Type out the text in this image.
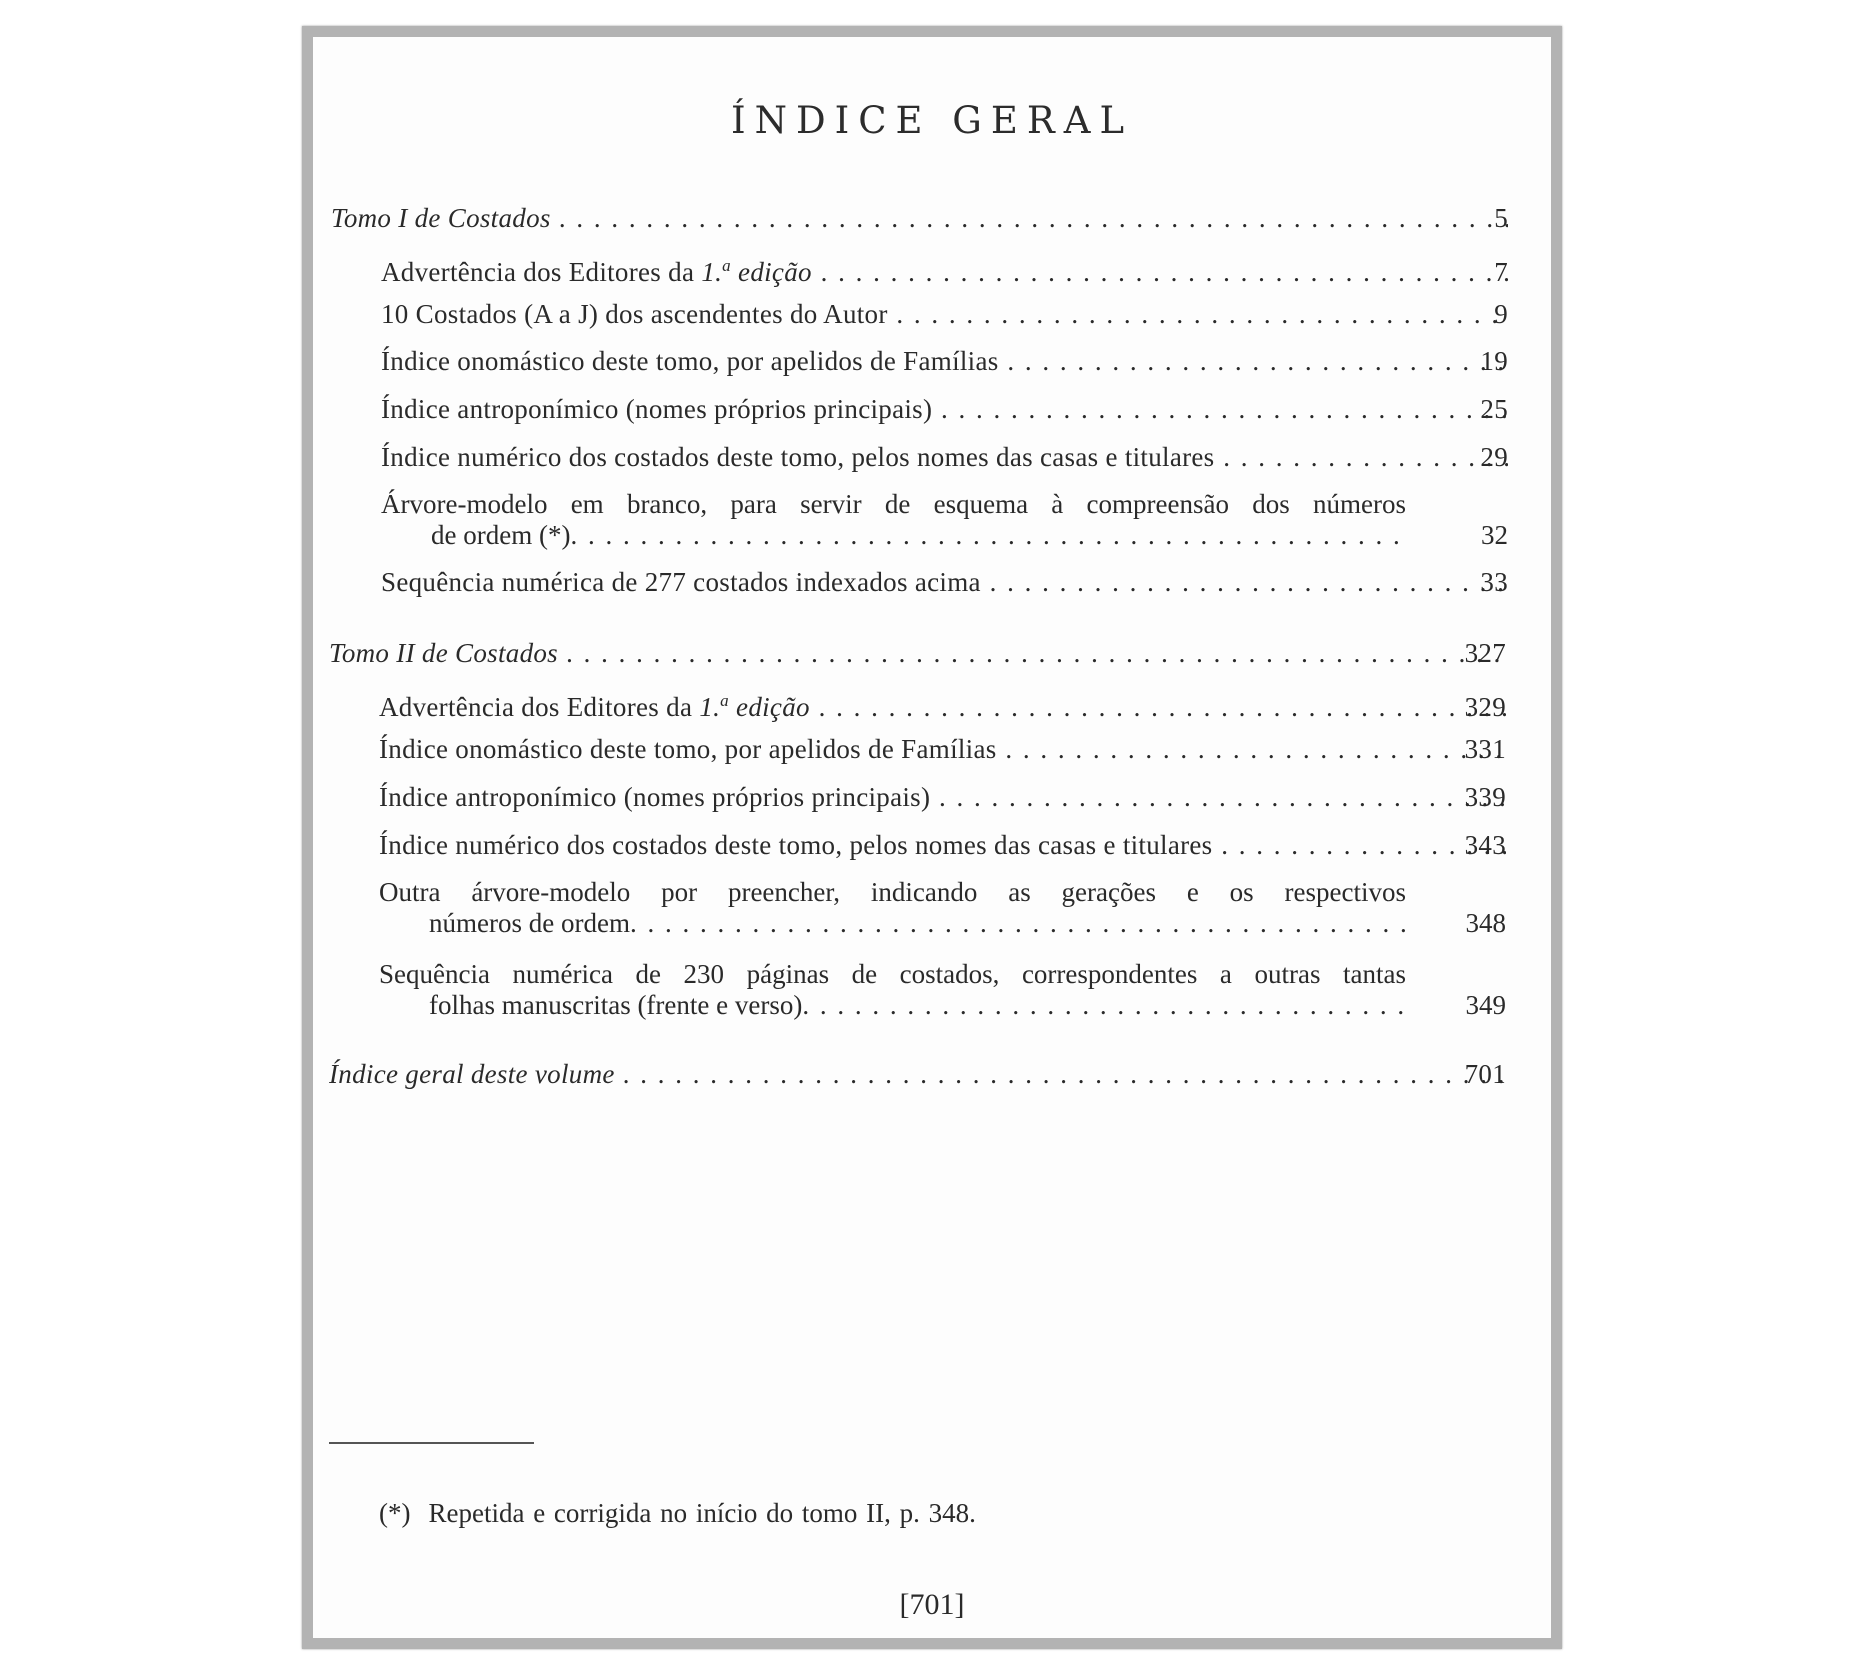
ÍNDICE GERAL
Tomo I de Costados . . .	5
Advertência dos Editores da 1.$^a$ edição . . .	7
10 Costados (A a J) dos ascendentes do Autor . . .	9
Índice onomástico deste tomo, por apelidos de Famílias . . .	19
Índice antroponímico (nomes próprios principais) . . .	25
Índice numérico dos costados deste tomo, pelos nomes das casas e titulares . . .	29
Árvore-modelo em branco, para servir de esquema à compreensão dos números
de ordem (*) . . .	32
Sequência numérica de 277 costados indexados acima . . .	33
Tomo II de Costados . . .	327
Advertência dos Editores da 1.$^a$ edição . . .	329
Índice onomástico deste tomo, por apelidos de Famílias . . .	331
Índice antroponímico (nomes próprios principais) . . .	339
Índice numérico dos costados deste tomo, pelos nomes das casas e titulares . . .	343
Outra árvore-modelo por preencher, indicando as gerações e os respectivos
números de ordem . . .	348
Sequência numérica de 230 páginas de costados, correspondentes a outras tantas
folhas manuscritas (frente e verso) . . .	349
Índice geral deste volume . . .	701
(*) Repetida e corrigida no início do tomo II, p. 348.
[701]
